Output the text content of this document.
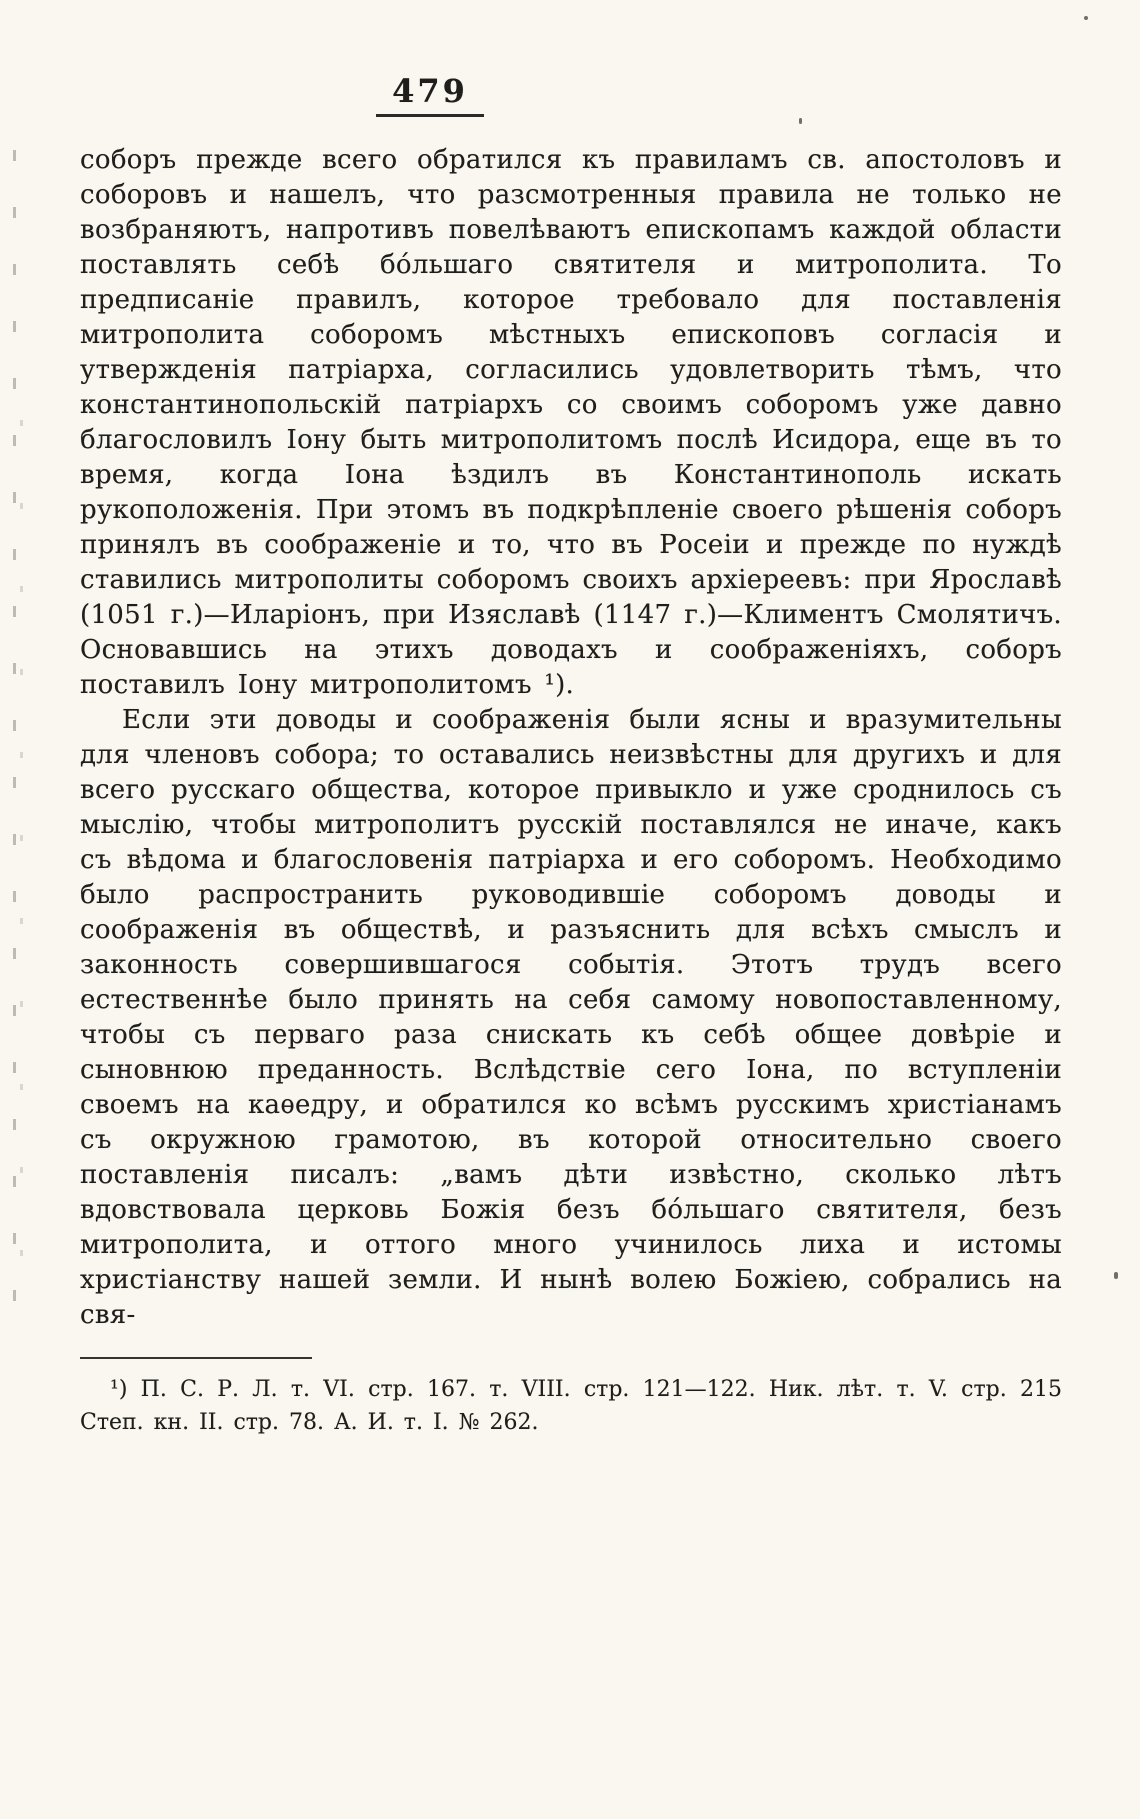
479

соборъ прежде всего обратился къ правиламъ св. апостоловъ и соборовъ и нашелъ, что разсмотренныя правила не только не возбраняютъ, напротивъ повелѣваютъ епископамъ каждой области поставлять себѣ бо́льшаго святителя и митрополита. То предписаніе правилъ, которое требовало для поставленія митрополита соборомъ мѣстныхъ епископовъ согласія и утвержденія патріарха, согласились удовлетворить тѣмъ, что константинопольскій патріархъ со своимъ соборомъ уже давно благословилъ Іону быть митрополитомъ послѣ Исидора, еще въ то время, когда Іона ѣздилъ въ Константинополь искать рукоположенія. При этомъ въ подкрѣпленіе своего рѣшенія соборъ принялъ въ соображеніе и то, что въ Росеіи и прежде по нуждѣ ставились митрополиты соборомъ своихъ архіереевъ: при Ярославѣ (1051 г.)—Иларіонъ, при Изяславѣ (1147 г.)—Климентъ Смолятичъ. Основавшись на этихъ доводахъ и соображеніяхъ, соборъ поставилъ Іону митрополитомъ ¹).

Если эти доводы и соображенія были ясны и вразумительны для членовъ собора; то оставались неизвѣстны для другихъ и для всего русскаго общества, которое привыкло и уже сроднилось съ мыслію, чтобы митрополитъ русскій поставлялся не иначе, какъ съ вѣдома и благословенія патріарха и его соборомъ. Необходимо было распространить руководившіе соборомъ доводы и соображенія въ обществѣ, и разъяснить для всѣхъ смыслъ и законность совершившагося событія. Этотъ трудъ всего естественнѣе было принять на себя самому новопоставленному, чтобы съ перваго раза снискать къ себѣ общее довѣріе и сыновнюю преданность. Вслѣдствіе сего Іона, по вступленіи своемъ на каѳедру, и обратился ко всѣмъ русскимъ христіанамъ съ окружною грамотою, въ которой относительно своего поставленія писалъ: „вамъ дѣти извѣстно, сколько лѣтъ вдовствовала церковь Божія безъ бо́льшаго святителя, безъ митрополита, и оттого много учинилось лиха и истомы христіанству нашей земли. И нынѣ волею Божіею, собрались на свя-

¹) П. С. Р. Л. т. VI. стр. 167. т. VIII. стр. 121—122. Ник. лѣт. т. V. стр. 215 Степ. кн. II. стр. 78. А. И. т. I. № 262.
